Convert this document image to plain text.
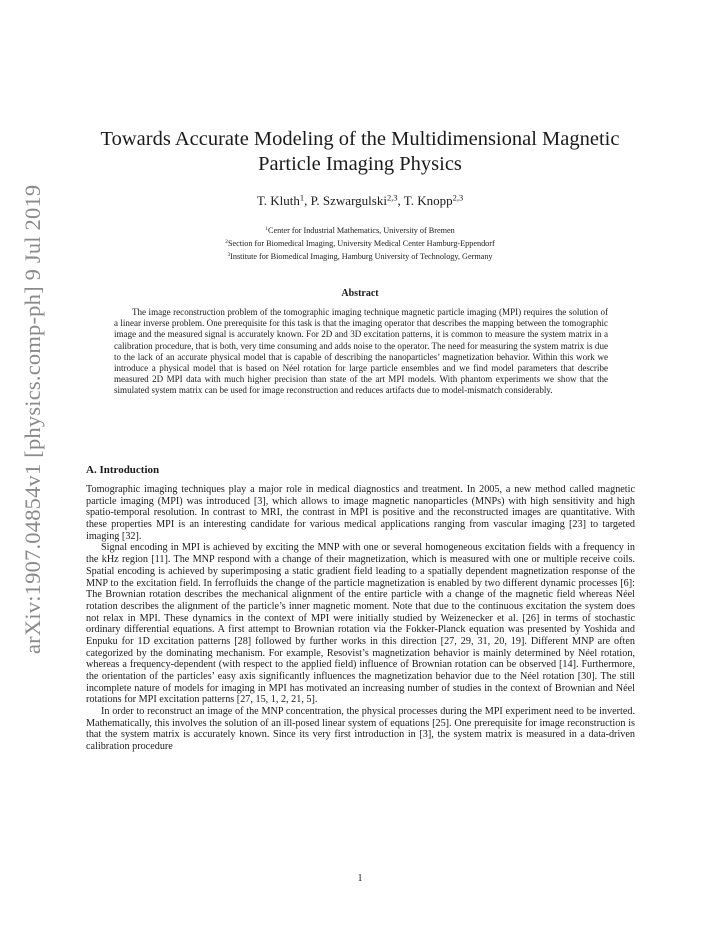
arXiv:1907.04854v1 [physics.comp-ph] 9 Jul 2019
Towards Accurate Modeling of the Multidimensional Magnetic Particle Imaging Physics
T. Kluth$^1$, P. Szwargulski$^{2,3}$, T. Knopp$^{2,3}$
$^1$Center for Industrial Mathematics, University of Bremen
$^2$Section for Biomedical Imaging, University Medical Center Hamburg-Eppendorf
$^3$Institute for Biomedical Imaging, Hamburg University of Technology, Germany
Abstract
The image reconstruction problem of the tomographic imaging technique magnetic particle imaging (MPI) requires the solution of a linear inverse problem. One prerequisite for this task is that the imaging operator that describes the mapping between the tomographic image and the measured signal is accurately known. For 2D and 3D excitation patterns, it is common to measure the system matrix in a calibration procedure, that is both, very time consuming and adds noise to the operator. The need for measuring the system matrix is due to the lack of an accurate physical model that is capable of describing the nanoparticles’ magnetization behavior. Within this work we introduce a physical model that is based on Néel rotation for large particle ensembles and we find model parameters that describe measured 2D MPI data with much higher precision than state of the art MPI models. With phantom experiments we show that the simulated system matrix can be used for image reconstruction and reduces artifacts due to model-mismatch considerably.
A. Introduction

Tomographic imaging techniques play a major role in medical diagnostics and treatment. In 2005, a new method called magnetic particle imaging (MPI) was introduced [3], which allows to image magnetic nanoparticles (MNPs) with high sensitivity and high spatio-temporal resolution. In contrast to MRI, the contrast in MPI is positive and the reconstructed images are quantitative. With these properties MPI is an interesting candidate for various medical applications ranging from vascular imaging [23] to targeted imaging [32].

Signal encoding in MPI is achieved by exciting the MNP with one or several homogeneous excitation fields with a frequency in the kHz region [11]. The MNP respond with a change of their magnetization, which is measured with one or multiple receive coils. Spatial encoding is achieved by superimposing a static gradient field leading to a spatially dependent magnetization response of the MNP to the excitation field. In ferrofluids the change of the particle magnetization is enabled by two different dynamic processes [6]: The Brownian rotation describes the mechanical alignment of the entire particle with a change of the magnetic field whereas Néel rotation describes the alignment of the particle’s inner magnetic moment. Note that due to the continuous excitation the system does not relax in MPI. These dynamics in the context of MPI were initially studied by Weizenecker et al. [26] in terms of stochastic ordinary differential equations. A first attempt to Brownian rotation via the Fokker-Planck equation was presented by Yoshida and Enpuku for 1D excitation patterns [28] followed by further works in this direction [27, 29, 31, 20, 19]. Different MNP are often categorized by the dominating mechanism. For example, Resovist’s magnetization behavior is mainly determined by Néel rotation, whereas a frequency-dependent (with respect to the applied field) influence of Brownian rotation can be observed [14]. Furthermore, the orientation of the particles’ easy axis significantly influences the magnetization behavior due to the Néel rotation [30]. The still incomplete nature of models for imaging in MPI has motivated an increasing number of studies in the context of Brownian and Néel rotations for MPI excitation patterns [27, 15, 1, 2, 21, 5].

In order to reconstruct an image of the MNP concentration, the physical processes during the MPI experiment need to be inverted. Mathematically, this involves the solution of an ill-posed linear system of equations [25]. One prerequisite for image reconstruction is that the system matrix is accurately known. Since its very first introduction in [3], the system matrix is measured in a data-driven calibration procedure

1
